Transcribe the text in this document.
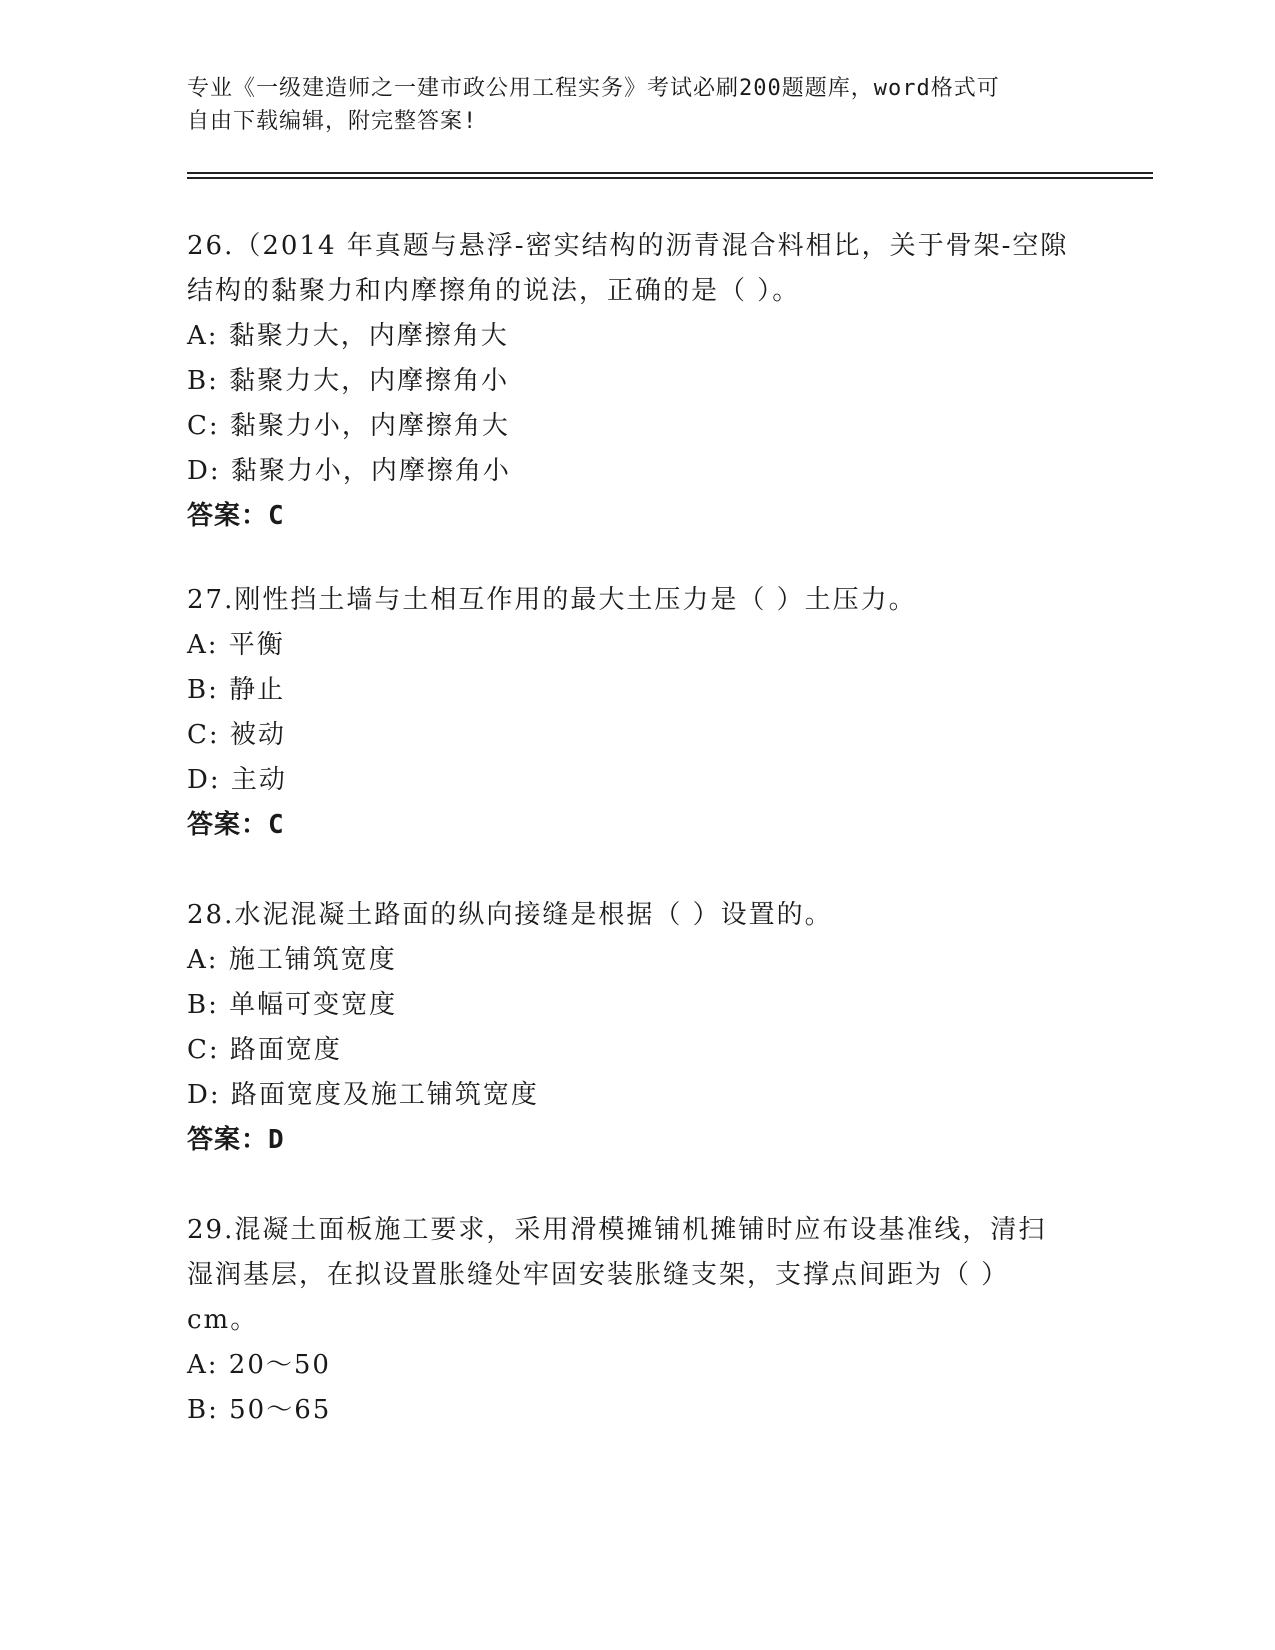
专业《一级建造师之一建市政公用工程实务》考试必刷200题题库，word格式可
自由下载编辑，附完整答案!
26.（2014 年真题与悬浮-密实结构的沥青混合料相比，关于骨架-空隙
结构的黏聚力和内摩擦角的说法，正确的是（ ）。
A: 黏聚力大，内摩擦角大
B: 黏聚力大，内摩擦角小
C: 黏聚力小，内摩擦角大
D: 黏聚力小，内摩擦角小
答案：C
27.刚性挡土墙与土相互作用的最大土压力是（ ）土压力。
A: 平衡
B: 静止
C: 被动
D: 主动
答案：C
28.水泥混凝土路面的纵向接缝是根据（ ）设置的。
A: 施工铺筑宽度
B: 单幅可变宽度
C: 路面宽度
D: 路面宽度及施工铺筑宽度
答案：D
29.混凝土面板施工要求，采用滑模摊铺机摊铺时应布设基准线，清扫
湿润基层，在拟设置胀缝处牢固安装胀缝支架，支撑点间距为（ ）
cm。
A: 20～50
B: 50～65
